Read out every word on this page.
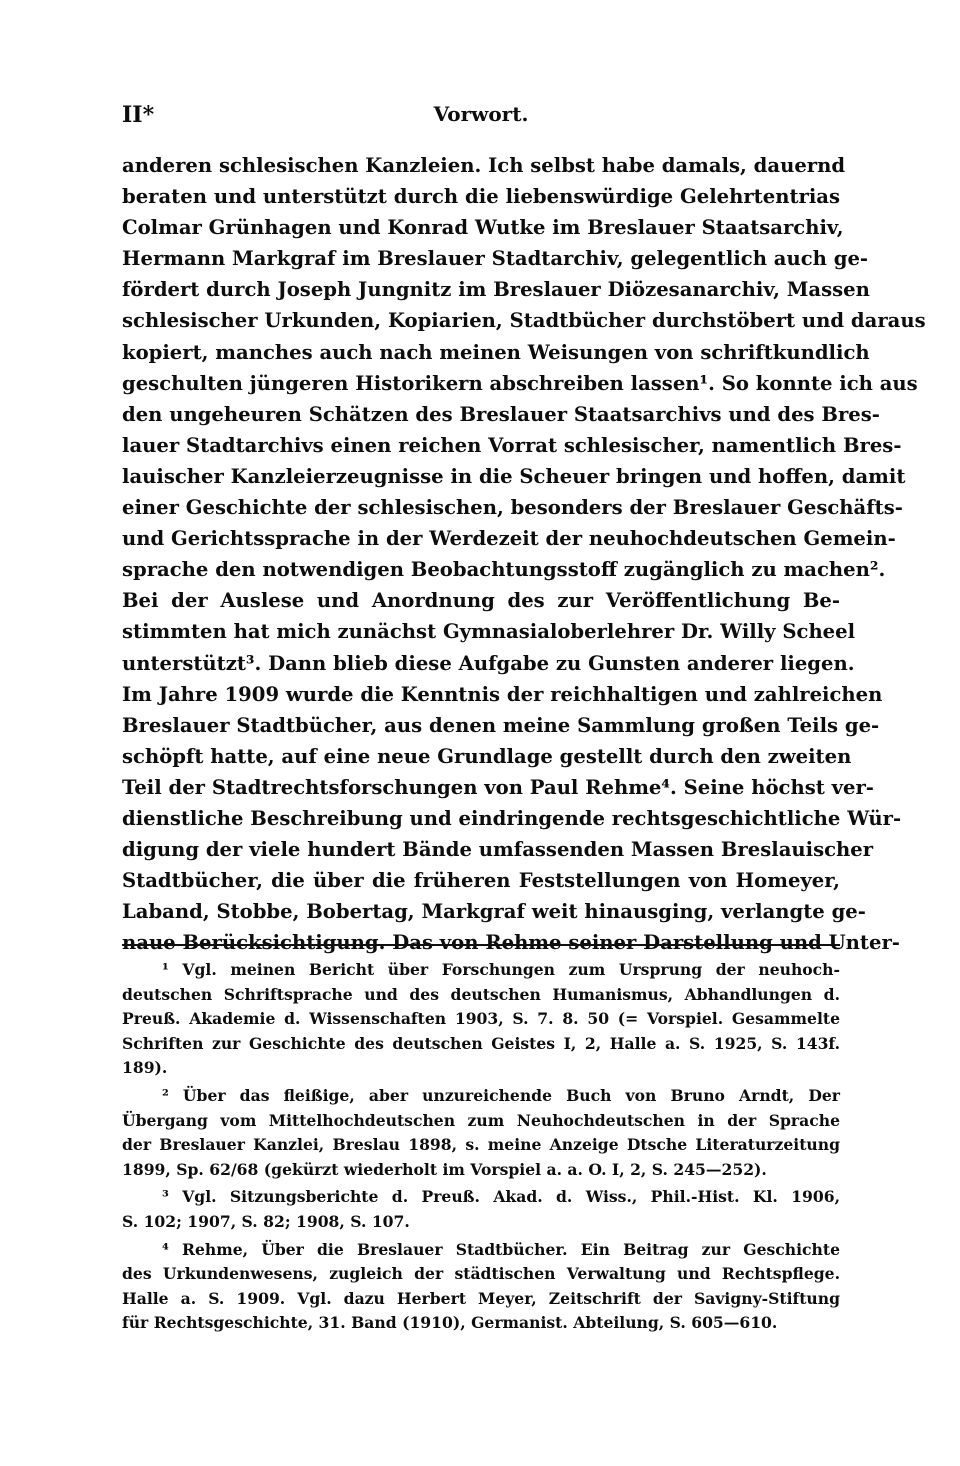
II*	Vorwort.
anderen schlesischen Kanzleien. Ich selbst habe damals, dauernd
beraten und unterstützt durch die liebenswürdige Gelehrtentrias
Colmar Grünhagen und Konrad Wutke im Breslauer Staatsarchiv,
Hermann Markgraf im Breslauer Stadtarchiv, gelegentlich auch ge-
fördert durch Joseph Jungnitz im Breslauer Diözesanarchiv, Massen
schlesischer Urkunden, Kopiarien, Stadtbücher durchstöbert und daraus
kopiert, manches auch nach meinen Weisungen von schriftkundlich
geschulten jüngeren Historikern abschreiben lassen¹. So konnte ich aus
den ungeheuren Schätzen des Breslauer Staatsarchivs und des Bres-
lauer Stadtarchivs einen reichen Vorrat schlesischer, namentlich Bres-
lauischer Kanzleierzeugnisse in die Scheuer bringen und hoffen, damit
einer Geschichte der schlesischen, besonders der Breslauer Geschäfts-
und Gerichtssprache in der Werdezeit der neuhochdeutschen Gemein-
sprache den notwendigen Beobachtungsstoff zugänglich zu machen².
Bei der Auslese und Anordnung des zur Veröffentlichung Be-
stimmten hat mich zunächst Gymnasialoberlehrer Dr. Willy Scheel
unterstützt³. Dann blieb diese Aufgabe zu Gunsten anderer liegen.
Im Jahre 1909 wurde die Kenntnis der reichhaltigen und zahlreichen
Breslauer Stadtbücher, aus denen meine Sammlung großen Teils ge-
schöpft hatte, auf eine neue Grundlage gestellt durch den zweiten
Teil der Stadtrechtsforschungen von Paul Rehme⁴. Seine höchst ver-
dienstliche Beschreibung und eindringende rechtsgeschichtliche Wür-
digung der viele hundert Bände umfassenden Massen Breslauischer
Stadtbücher, die über die früheren Feststellungen von Homeyer,
Laband, Stobbe, Bobertag, Markgraf weit hinausging, verlangte ge-
naue Berücksichtigung. Das von Rehme seiner Darstellung und Unter-
¹ Vgl. meinen Bericht über Forschungen zum Ursprung der neuhoch-
deutschen Schriftsprache und des deutschen Humanismus, Abhandlungen d.
Preuß. Akademie d. Wissenschaften 1903, S. 7. 8. 50 (= Vorspiel. Gesammelte
Schriften zur Geschichte des deutschen Geistes I, 2, Halle a. S. 1925, S. 143f.
189).
² Über das fleißige, aber unzureichende Buch von Bruno Arndt, Der
Übergang vom Mittelhochdeutschen zum Neuhochdeutschen in der Sprache
der Breslauer Kanzlei, Breslau 1898, s. meine Anzeige Dtsche Literaturzeitung
1899, Sp. 62/68 (gekürzt wiederholt im Vorspiel a. a. O. I, 2, S. 245—252).
³ Vgl. Sitzungsberichte d. Preuß. Akad. d. Wiss., Phil.-Hist. Kl. 1906,
S. 102; 1907, S. 82; 1908, S. 107.
⁴ Rehme, Über die Breslauer Stadtbücher. Ein Beitrag zur Geschichte
des Urkundenwesens, zugleich der städtischen Verwaltung und Rechtspflege.
Halle a. S. 1909. Vgl. dazu Herbert Meyer, Zeitschrift der Savigny-Stiftung
für Rechtsgeschichte, 31. Band (1910), Germanist. Abteilung, S. 605—610.
